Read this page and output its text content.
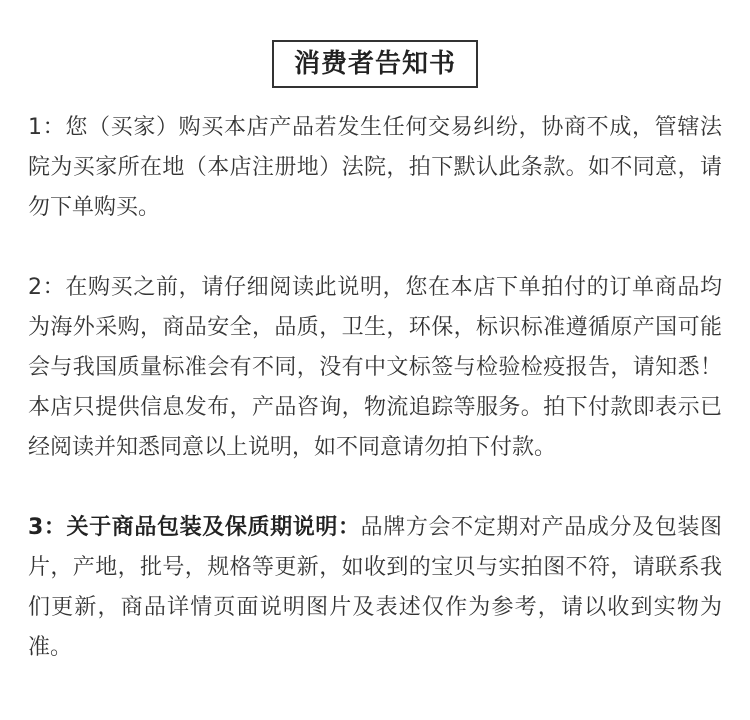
消费者告知书

1：您（买家）购买本店产品若发生任何交易纠纷，协商不成，管辖法院为买家所在地（本店注册地）法院，拍下默认此条款。如不同意，请勿下单购买。

2：在购买之前，请仔细阅读此说明，您在本店下单拍付的订单商品均为海外采购，商品安全，品质，卫生，环保，标识标准遵循原产国可能会与我国质量标准会有不同，没有中文标签与检验检疫报告，请知悉！本店只提供信息发布，产品咨询，物流追踪等服务。拍下付款即表示已经阅读并知悉同意以上说明，如不同意请勿拍下付款。

3：关于商品包装及保质期说明：品牌方会不定期对产品成分及包装图片，产地，批号，规格等更新，如收到的宝贝与实拍图不符，请联系我们更新，商品详情页面说明图片及表述仅作为参考，请以收到实物为准。
